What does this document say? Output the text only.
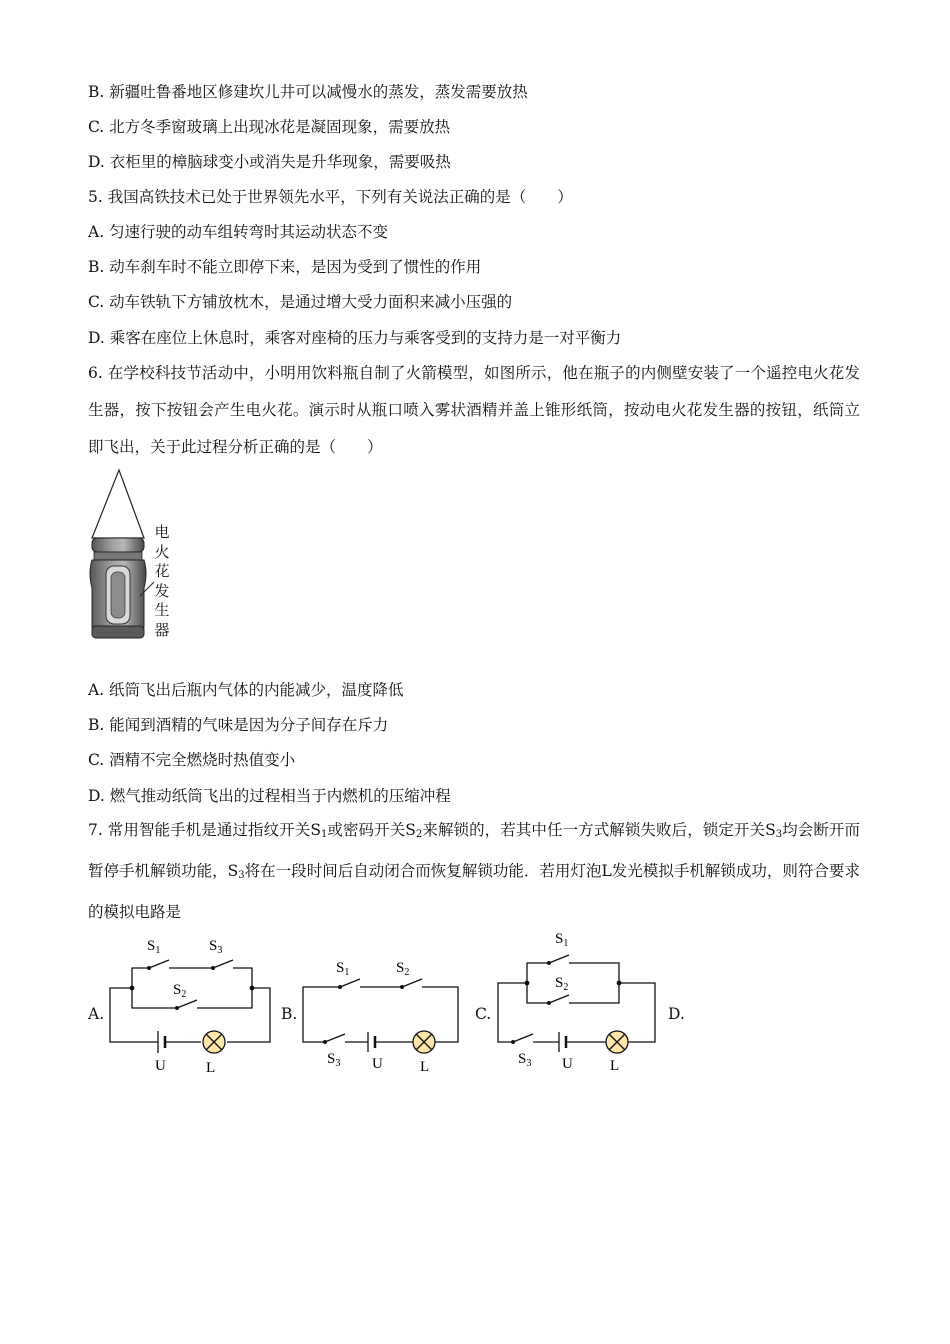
B. 新疆吐鲁番地区修建坎儿井可以减慢水的蒸发，蒸发需要放热
C. 北方冬季窗玻璃上出现冰花是凝固现象，需要放热
D. 衣柜里的樟脑球变小或消失是升华现象，需要吸热
5. 我国高铁技术已处于世界领先水平，下列有关说法正确的是（　　）
A. 匀速行驶的动车组转弯时其运动状态不变
B. 动车刹车时不能立即停下来，是因为受到了惯性的作用
C. 动车铁轨下方铺放枕木，是通过增大受力面积来减小压强的
D. 乘客在座位上休息时，乘客对座椅的压力与乘客受到的支持力是一对平衡力
6. 在学校科技节活动中，小明用饮料瓶自制了火箭模型，如图所示，他在瓶子的内侧壁安装了一个遥控电火花发生器，按下按钮会产生电火花。演示时从瓶口喷入雾状酒精并盖上锥形纸筒，按动电火花发生器的按钮，纸筒立即飞出，关于此过程分析正确的是（　　）
电
火
花
发
生
器
A. 纸筒飞出后瓶内气体的内能减少，温度降低
B. 能闻到酒精的气味是因为分子间存在斥力
C. 酒精不完全燃烧时热值变小
D. 燃气推动纸筒飞出的过程相当于内燃机的压缩冲程
7. 常用智能手机是通过指纹开关$S_1$或密码开关$S_2$来解锁的，若其中任一方式解锁失败后，锁定开关$S_3$均会断开而暂停手机解锁功能，$S_3$将在一段时间后自动闭合而恢复解锁功能．若用灯泡L发光模拟手机解锁成功，则符合要求的模拟电路是
A.	B.	C.	D.
$S_1$	$S_3$
$S_2$
U	L
$S_1$	$S_2$
$S_3$ U L
$S_1$
$S_2$
$S_3$ U L
